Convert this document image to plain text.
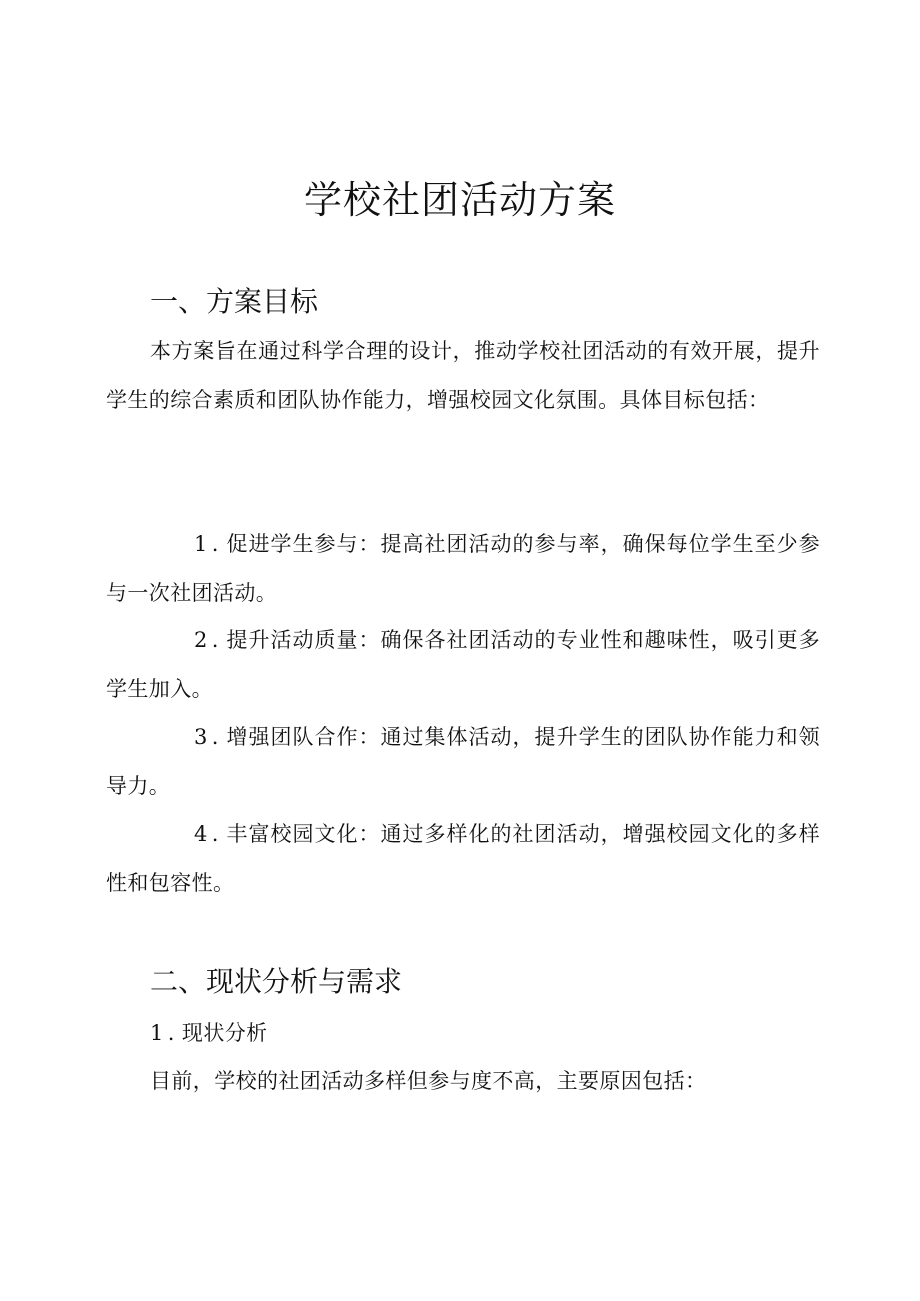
学校社团活动方案
一、方案目标
本方案旨在通过科学合理的设计，推动学校社团活动的有效开展，提升学生的综合素质和团队协作能力，增强校园文化氛围。具体目标包括：
1 . 促进学生参与：提高社团活动的参与率，确保每位学生至少参与一次社团活动。
2 . 提升活动质量：确保各社团活动的专业性和趣味性，吸引更多学生加入。
3 . 增强团队合作：通过集体活动，提升学生的团队协作能力和领导力。
4 . 丰富校园文化：通过多样化的社团活动，增强校园文化的多样性和包容性。
二、现状分析与需求
1 . 现状分析
目前，学校的社团活动多样但参与度不高，主要原因包括：
